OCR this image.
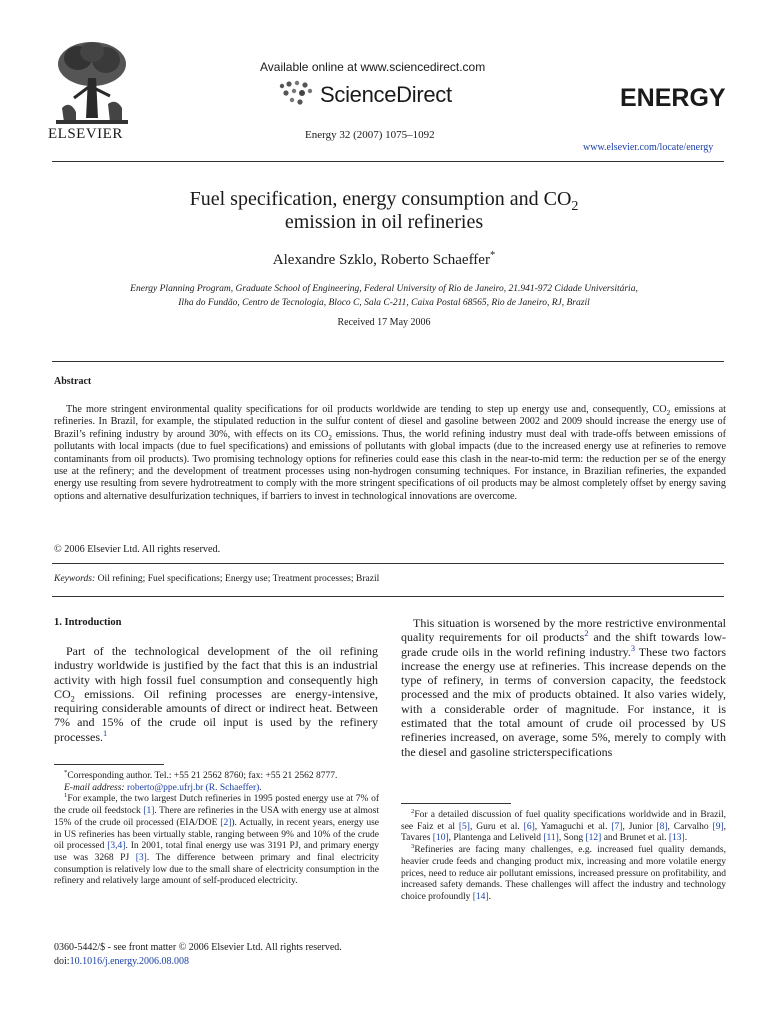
ELSEVIER
Available online at www.sciencedirect.com
ScienceDirect
Energy 32 (2007) 1075–1092
ENERGY
www.elsevier.com/locate/energy
Fuel specification, energy consumption and $CO_2$
emission in oil refineries
Alexandre Szklo, Roberto Schaeffer*
Energy Planning Program, Graduate School of Engineering, Federal University of Rio de Janeiro, 21.941-972 Cidade Universitária,
Ilha do Fundão, Centro de Tecnologia, Bloco C, Sala C-211, Caixa Postal 68565, Rio de Janeiro, RJ, Brazil
Received 17 May 2006
Abstract
The more stringent environmental quality specifications for oil products worldwide are tending to step up energy use and, consequently, $CO_2$ emissions at refineries. In Brazil, for example, the stipulated reduction in the sulfur content of diesel and gasoline between 2002 and 2009 should increase the energy use of Brazil’s refining industry by around 30%, with effects on its $CO_2$ emissions. Thus, the world refining industry must deal with trade-offs between emissions of pollutants with local impacts (due to fuel specifications) and emissions of pollutants with global impacts (due to the increased energy use at refineries to remove contaminants from oil products). Two promising technology options for refineries could ease this clash in the near-to-mid term: the reduction per se of the energy use at the refinery; and the development of treatment processes using non-hydrogen consuming techniques. For instance, in Brazilian refineries, the expanded energy use resulting from severe hydrotreatment to comply with the more stringent specifications of oil products may be almost completely offset by energy saving options and alternative desulfurization techniques, if barriers to invest in technological innovations are overcome.
© 2006 Elsevier Ltd. All rights reserved.
Keywords: Oil refining; Fuel specifications; Energy use; Treatment processes; Brazil
1. Introduction
Part of the technological development of the oil refining industry worldwide is justified by the fact that this is an industrial activity with high fossil fuel consumption and consequently high $CO_2$ emissions. Oil refining processes are energy-intensive, requiring considerable amounts of direct or indirect heat. Between 7% and 15% of the crude oil input is used by the refinery processes.$^1$
This situation is worsened by the more restrictive environmental quality requirements for oil products$^2$ and the shift towards low-grade crude oils in the world refining industry.$^3$ These two factors increase the energy use at refineries. This increase depends on the type of refinery, in terms of conversion capacity, the feedstock processed and the mix of products obtained. It also varies widely, with a considerable order of magnitude. For instance, it is estimated that the total amount of crude oil processed by US refineries increased, on average, some 5%, merely to comply with the diesel and gasoline stricterspecifications

*Corresponding author. Tel.: +55 21 2562 8760; fax: +55 21 2562 8777.

E-mail address: roberto@ppe.ufrj.br (R. Schaeffer).

$^1$For example, the two largest Dutch refineries in 1995 posted energy use at 7% of the crude oil feedstock [1]. There are refineries in the USA with energy use at almost 15% of the crude oil processed (EIA/DOE [2]). Actually, in recent years, energy use in US refineries has been virtually stable, ranging between 9% and 10% of the crude oil processed [3,4]. In 2001, total final energy use was 3191 PJ, and primary energy use was 3268 PJ [3]. The difference between primary and final electricity consumption is relatively low due to the small share of electricity consumption in the refinery and relatively large amount of self-produced electricity.

$^2$For a detailed discussion of fuel quality specifications worldwide and in Brazil, see Faiz et al [5], Guru et al. [6], Yamaguchi et al. [7], Junior [8], Carvalho [9], Tavares [10], Plantenga and Leliveld [11], Song [12] and Brunet et al. [13].

$^3$Refineries are facing many challenges, e.g. increased fuel quality demands, heavier crude feeds and changing product mix, increasing and more volatile energy prices, need to reduce air pollutant emissions, increased pressure on profitability, and increased safety demands. These challenges will affect the industry and technology choice profoundly [14].

0360-5442/$ - see front matter © 2006 Elsevier Ltd. All rights reserved.
doi:10.1016/j.energy.2006.08.008
